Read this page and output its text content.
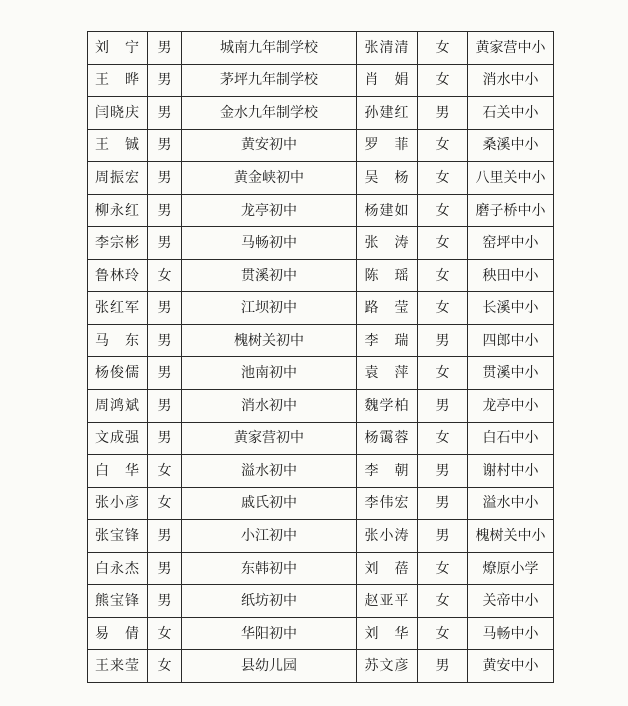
刘　宁	男	城南九年制学校	张清清	女	黄家营中小
王　晔	男	茅坪九年制学校	肖　娟	女	消水中小
闫晓庆	男	金水九年制学校	孙建红	男	石关中小
王　铖	男	黄安初中	罗　菲	女	桑溪中小
周振宏	男	黄金峡初中	吴　杨	女	八里关中小
柳永红	男	龙亭初中	杨建如	女	磨子桥中小
李宗彬	男	马畅初中	张　涛	女	窑坪中小
鲁林玲	女	贯溪初中	陈　瑶	女	秧田中小
张红军	男	江坝初中	路　莹	女	长溪中小
马　东	男	槐树关初中	李　瑞	男	四郎中小
杨俊儒	男	池南初中	袁　萍	女	贯溪中小
周鸿斌	男	消水初中	魏学柏	男	龙亭中小
文成强	男	黄家营初中	杨霭蓉	女	白石中小
白　华	女	溢水初中	李　朝	男	谢村中小
张小彦	女	戚氏初中	李伟宏	男	溢水中小
张宝锋	男	小江初中	张小涛	男	槐树关中小
白永杰	男	东韩初中	刘　蓓	女	燎原小学
熊宝锋	男	纸坊初中	赵亚平	女	关帝中小
易　倩	女	华阳初中	刘　华	女	马畅中小
王来莹	女	县幼儿园	苏文彦	男	黄安中小
